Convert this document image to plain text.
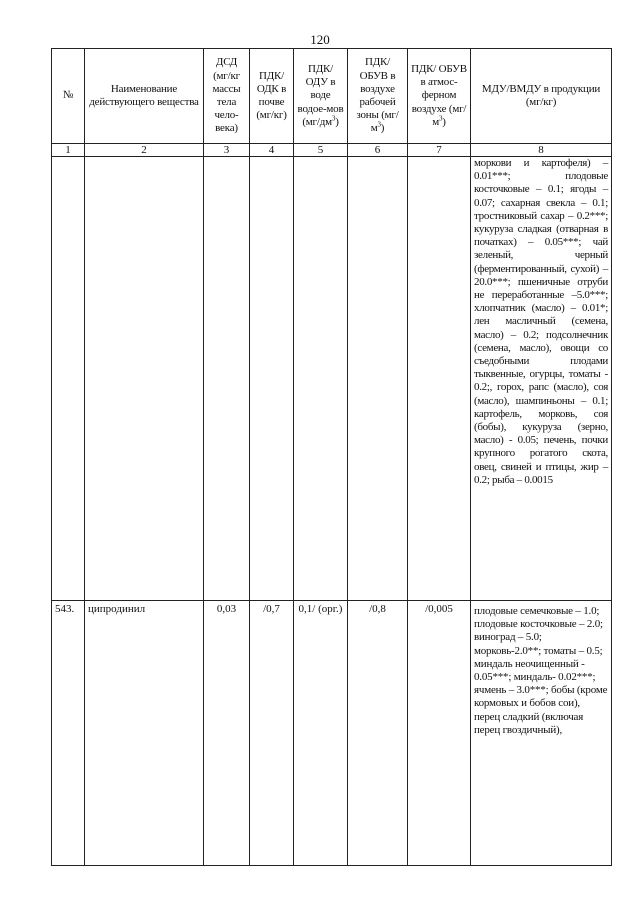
120
№	Наименование действующего вещества	ДСД (мг/кг массы тела чело-века)	ПДК/ ОДК в почве (мг/кг)	ПДК/ ОДУ в воде водое-мов $(мг/дм^3)$	ПДК/ ОБУВ в воздухе рабочей зоны $(мг/м^3)$	ПДК/ ОБУВ в атмос-ферном воздухе $(мг/м^3)$	МДУ/ВМДУ в продукции (мг/кг)
1	2	3	4	5	6	7	8
							моркови и картофеля) – 0.01***; плодовые косточковые – 0.1; ягоды – 0.07; сахарная свекла – 0.1; тростниковый сахар – 0.2***; кукуруза сладкая (отварная в початках) – 0.05***; чай зеленый, черный (ферментированный, сухой) – 20.0***; пшеничные отруби не переработанные –5.0***; хлопчатник (масло) – 0.01*; лен масличный (семена, масло) – 0.2; подсолнечник (семена, масло), овощи со съедобными плодами тыквенные, огурцы, томаты - 0.2;, горох, рапс (масло), соя (масло), шампиньоны – 0.1; картофель, морковь, соя (бобы), кукуруза (зерно, масло) - 0.05; печень, почки крупного рогатого скота, овец, свиней и птицы, жир – 0.2; рыба – 0.0015
543.	ципродинил	0,03	/0,7	0,1/ (орг.)	/0,8	/0,005	плодовые семечковые – 1.0; плодовые косточковые – 2.0; виноград – 5.0; морковь-2.0**; томаты – 0.5; миндаль неочищенный - 0.05***; миндаль- 0.02***; ячмень – 3.0***; бобы (кроме кормовых и бобов сои), перец сладкий (включая перец гвоздичный),
